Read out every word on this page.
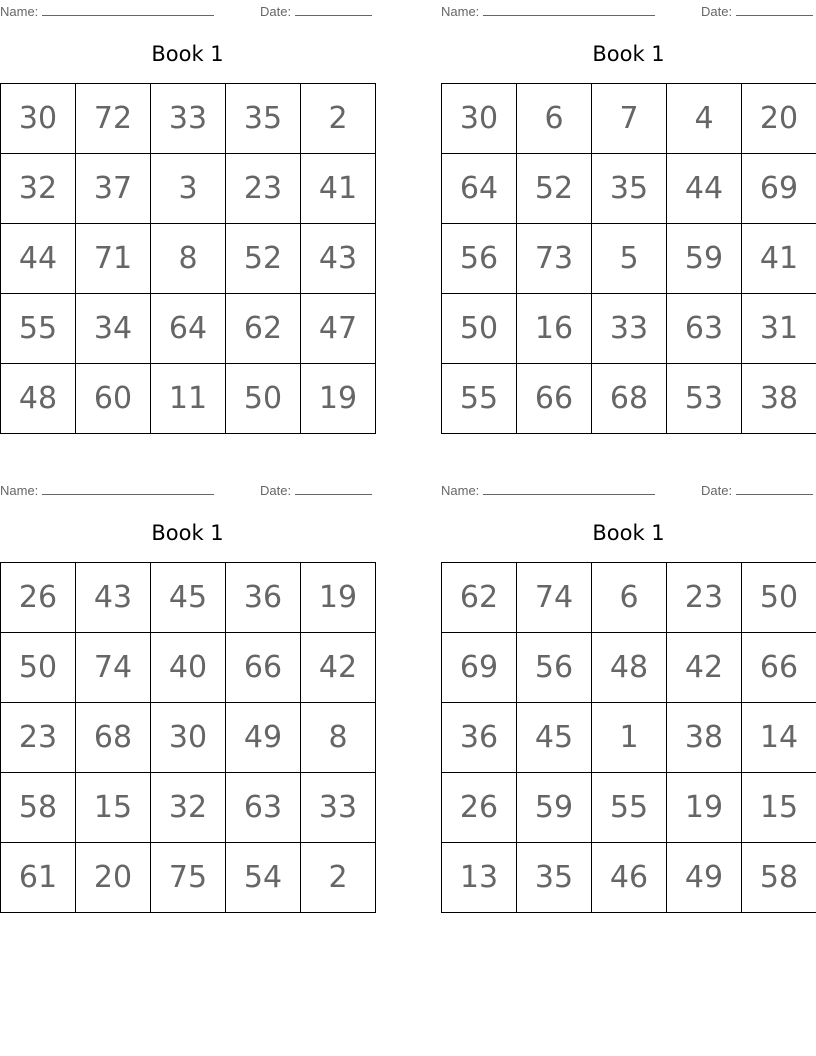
Name:	Date:
Book 1
30	72	33	35	2
32	37	3	23	41
44	71	8	52	43
55	34	64	62	47
48	60	11	50	19
Name:	Date:
Book 1
30	6	7	4	20
64	52	35	44	69
56	73	5	59	41
50	16	33	63	31
55	66	68	53	38
Name:	Date:
Book 1
26	43	45	36	19
50	74	40	66	42
23	68	30	49	8
58	15	32	63	33
61	20	75	54	2
Name:	Date:
Book 1
62	74	6	23	50
69	56	48	42	66
36	45	1	38	14
26	59	55	19	15
13	35	46	49	58
